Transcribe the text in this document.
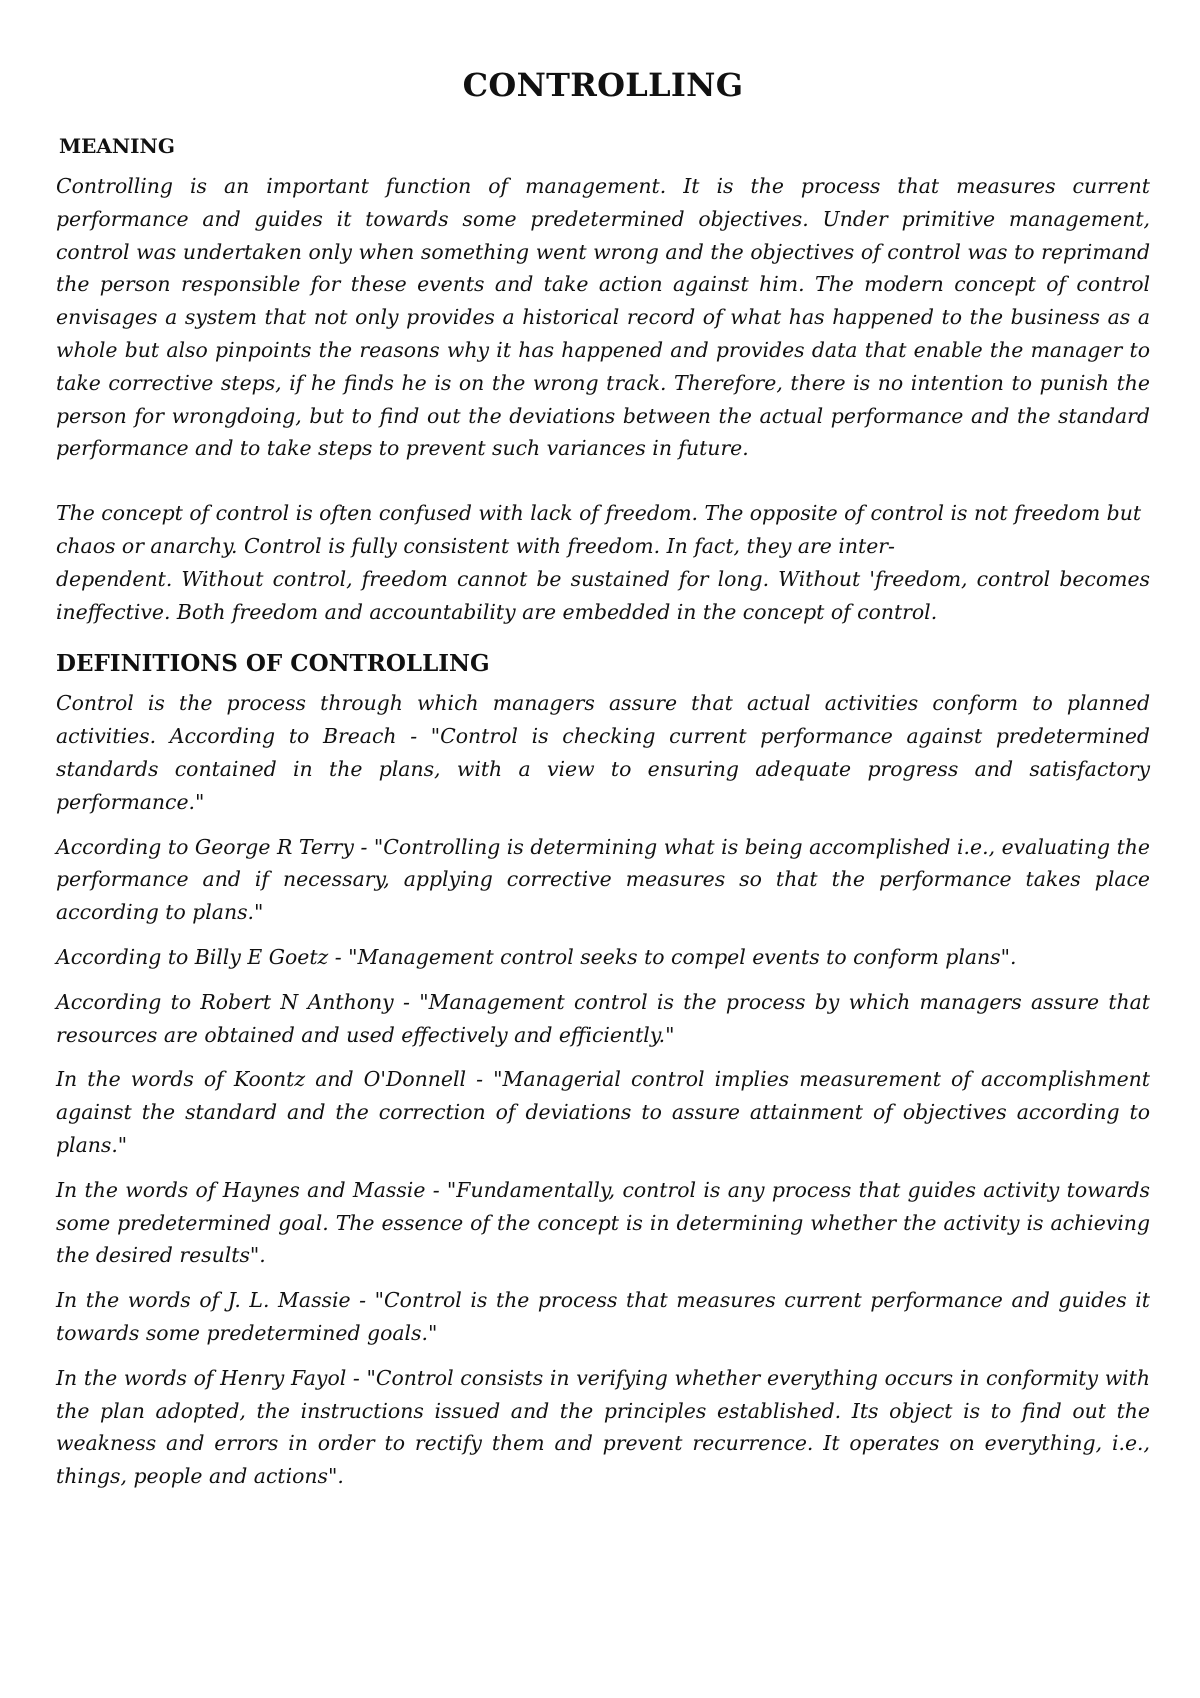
CONTROLLING
MEANING

Controlling is an important function of management. It is the process that measures current performance and guides it towards some predetermined objectives. Under primitive management, control was undertaken only when something went wrong and the objectives of control was to reprimand the person responsible for these events and take action against him. The modern concept of control envisages a system that not only provides a historical record of what has happened to the business as a whole but also pinpoints the reasons why it has happened and provides data that enable the manager to take corrective steps, if he finds he is on the wrong track. Therefore, there is no intention to punish the person for wrongdoing, but to find out the deviations between the actual performance and the standard performance and to take steps to prevent such variances in future.

The concept of control is often confused with lack of freedom. The opposite of control is not freedom but chaos or anarchy. Control is fully consistent with freedom. In fact, they are inter-
dependent. Without control, freedom cannot be sustained for long. Without 'freedom, control becomes ineffective. Both freedom and accountability are embedded in the concept of control.

DEFINITIONS OF CONTROLLING

Control is the process through which managers assure that actual activities conform to planned activities. According to Breach - "Control is checking current performance against predetermined standards contained in the plans, with a view to ensuring adequate progress and satisfactory performance."

According to George R Terry - "Controlling is determining what is being accomplished i.e., evaluating the performance and if necessary, applying corrective measures so that the performance takes place according to plans."

According to Billy E Goetz - "Management control seeks to compel events to conform plans".

According to Robert N Anthony - "Management control is the process by which managers assure that resources are obtained and used effectively and efficiently."

In the words of Koontz and O'Donnell - "Managerial control implies measurement of accomplishment against the standard and the correction of deviations to assure attainment of objectives according to plans."

In the words of Haynes and Massie - "Fundamentally, control is any process that guides activity towards some predetermined goal. The essence of the concept is in determining whether the activity is achieving the desired results".

In the words of J. L. Massie - "Control is the process that measures current performance and guides it towards some predetermined goals."

In the words of Henry Fayol - "Control consists in verifying whether everything occurs in conformity with the plan adopted, the instructions issued and the principles established. Its object is to find out the weakness and errors in order to rectify them and prevent recurrence. It operates on everything, i.e., things, people and actions".
